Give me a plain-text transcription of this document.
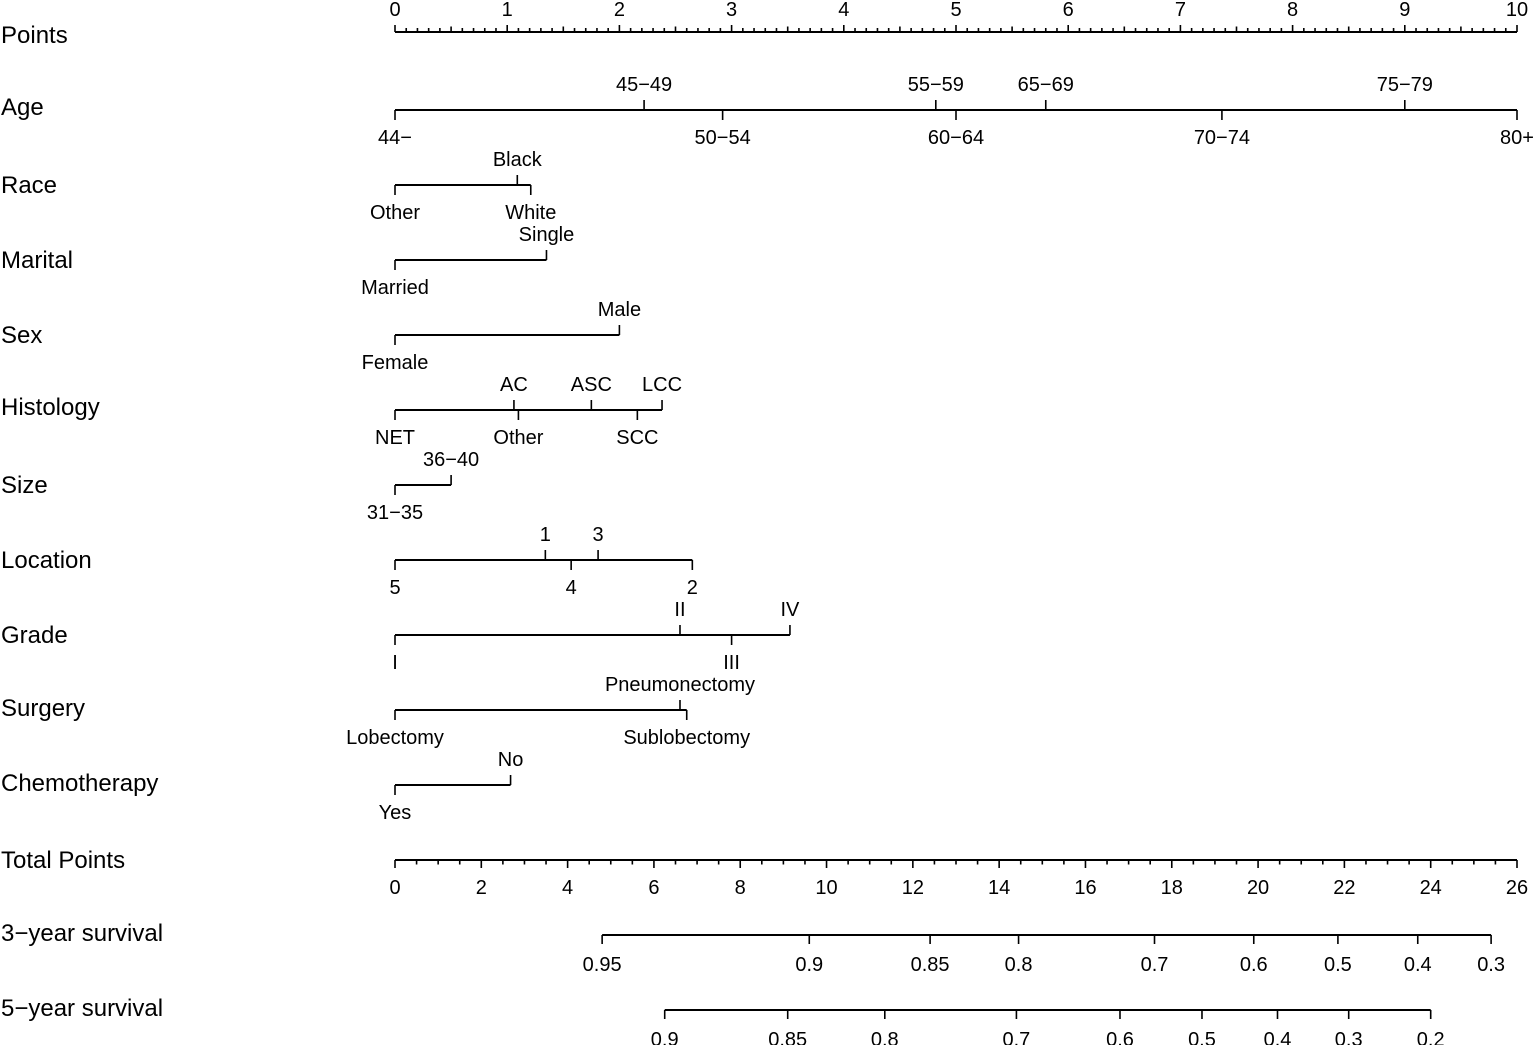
Points
0	1	2	3	4	5	6	7	8	9	10
Age
44−
45−49
50−54
55−59
60−64
65−69
70−74
75−79
80+
Race
Other
Black
White
Marital
Married
Single
Sex
Female
Male
Histology
NET
AC
Other
ASC
SCC
LCC
Size
31−35
36−40
Location
5
1
4
3
2
Grade
I
II
III
IV
Surgery
Lobectomy
Pneumonectomy
Sublobectomy
Chemotherapy
Yes
No
Total Points
0	2	4	6	8	10	12	14	16	18	20	22	24	26
3−year survival
0.95	0.9	0.85	0.8	0.7	0.6	0.5	0.4 0.3
5−year survival
0.9	0.85	0.8	0.7	0.6	0.5 0.4 0.3	0.2
